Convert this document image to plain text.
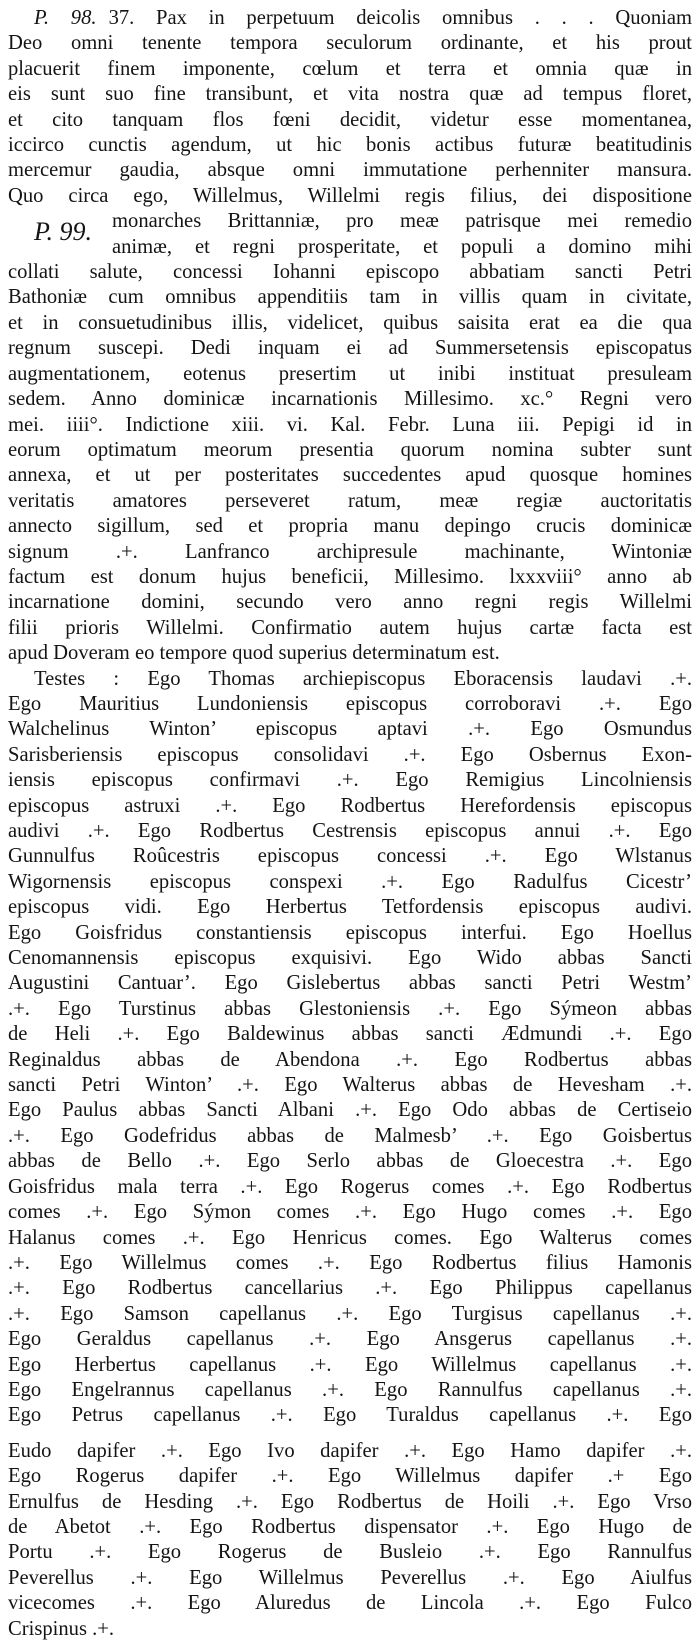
P. 98. 37. Pax in perpetuum deicolis omnibus . . . Quoniam

Deo omni tenente tempora seculorum ordinante, et his prout

placuerit finem imponente, cœlum et terra et omnia quæ in

eis sunt suo fine transibunt, et vita nostra quæ ad tempus floret,

et cito tanquam flos fœni decidit, videtur esse momentanea,

iccirco cunctis agendum, ut hic bonis actibus futuræ beatitudinis

mercemur gaudia, absque omni immutatione perhenniter mansura.

Quo circa ego, Willelmus, Willelmi regis filius, dei dispositione

P. 99. monarches Brittanniæ, pro meæ patrisque mei remedio

animæ, et regni prosperitate, et populi a domino mihi

collati salute, concessi Iohanni episcopo abbatiam sancti Petri

Bathoniæ cum omnibus appenditiis tam in villis quam in civitate,

et in consuetudinibus illis, videlicet, quibus saisita erat ea die qua

regnum suscepi. Dedi inquam ei ad Summersetensis episcopatus

augmentationem, eotenus presertim ut inibi instituat presuleam

sedem. Anno dominicæ incarnationis Millesimo. xc.° Regni vero

mei. iiii°. Indictione xiii. vi. Kal. Febr. Luna iii. Pepigi id in

eorum optimatum meorum presentia quorum nomina subter sunt

annexa, et ut per posteritates succedentes apud quosque homines

veritatis amatores perseveret ratum, meæ regiæ auctoritatis

annecto sigillum, sed et propria manu depingo crucis dominicæ

signum .+. Lanfranco archipresule machinante, Wintoniæ

factum est donum hujus beneficii, Millesimo. lxxxviii° anno ab

incarnatione domini, secundo vero anno regni regis Willelmi

filii prioris Willelmi. Confirmatio autem hujus cartæ facta est

apud Doveram eo tempore quod superius determinatum est.

Testes : Ego Thomas archiepiscopus Eboracensis laudavi .+.

Ego Mauritius Lundoniensis episcopus corroboravi .+. Ego

Walchelinus Winton’ episcopus aptavi .+. Ego Osmundus

Sarisberiensis episcopus consolidavi .+. Ego Osbernus Exon-

iensis episcopus confirmavi .+. Ego Remigius Lincolniensis

episcopus astruxi .+. Ego Rodbertus Herefordensis episcopus

audivi .+. Ego Rodbertus Cestrensis episcopus annui .+. Ego

Gunnulfus Roûcestris episcopus concessi .+. Ego Wlstanus

Wigornensis episcopus conspexi .+. Ego Radulfus Cicestr’

episcopus vidi. Ego Herbertus Tetfordensis episcopus audivi.

Ego Goisfridus constantiensis episcopus interfui. Ego Hoellus

Cenomannensis episcopus exquisivi. Ego Wido abbas Sancti

Augustini Cantuar’. Ego Gislebertus abbas sancti Petri Westm’

.+. Ego Turstinus abbas Glestoniensis .+. Ego Sýmeon abbas

de Heli .+. Ego Baldewinus abbas sancti Ædmundi .+. Ego

Reginaldus abbas de Abendona .+. Ego Rodbertus abbas

sancti Petri Winton’ .+. Ego Walterus abbas de Hevesham .+.

Ego Paulus abbas Sancti Albani .+. Ego Odo abbas de Certiseio

.+. Ego Godefridus abbas de Malmesb’ .+. Ego Goisbertus

abbas de Bello .+. Ego Serlo abbas de Gloecestra .+. Ego

Goisfridus mala terra .+. Ego Rogerus comes .+. Ego Rodbertus

comes .+. Ego Sýmon comes .+. Ego Hugo comes .+. Ego

Halanus comes .+. Ego Henricus comes. Ego Walterus comes

.+. Ego Willelmus comes .+. Ego Rodbertus filius Hamonis

.+. Ego Rodbertus cancellarius .+. Ego Philippus capellanus

.+. Ego Samson capellanus .+. Ego Turgisus capellanus .+.

Ego Geraldus capellanus .+. Ego Ansgerus capellanus .+.

Ego Herbertus capellanus .+. Ego Willelmus capellanus .+.

Ego Engelrannus capellanus .+. Ego Rannulfus capellanus .+.

Ego Petrus capellanus .+. Ego Turaldus capellanus .+. Ego

Eudo dapifer .+. Ego Ivo dapifer .+. Ego Hamo dapifer .+.

Ego Rogerus dapifer .+. Ego Willelmus dapifer .+ Ego

Ernulfus de Hesding .+. Ego Rodbertus de Hoili .+. Ego Vrso

de Abetot .+. Ego Rodbertus dispensator .+. Ego Hugo de

Portu .+. Ego Rogerus de Busleio .+. Ego Rannulfus

Peverellus .+. Ego Willelmus Peverellus .+. Ego Aiulfus

vicecomes .+. Ego Aluredus de Lincola .+. Ego Fulco

Crispinus .+.
